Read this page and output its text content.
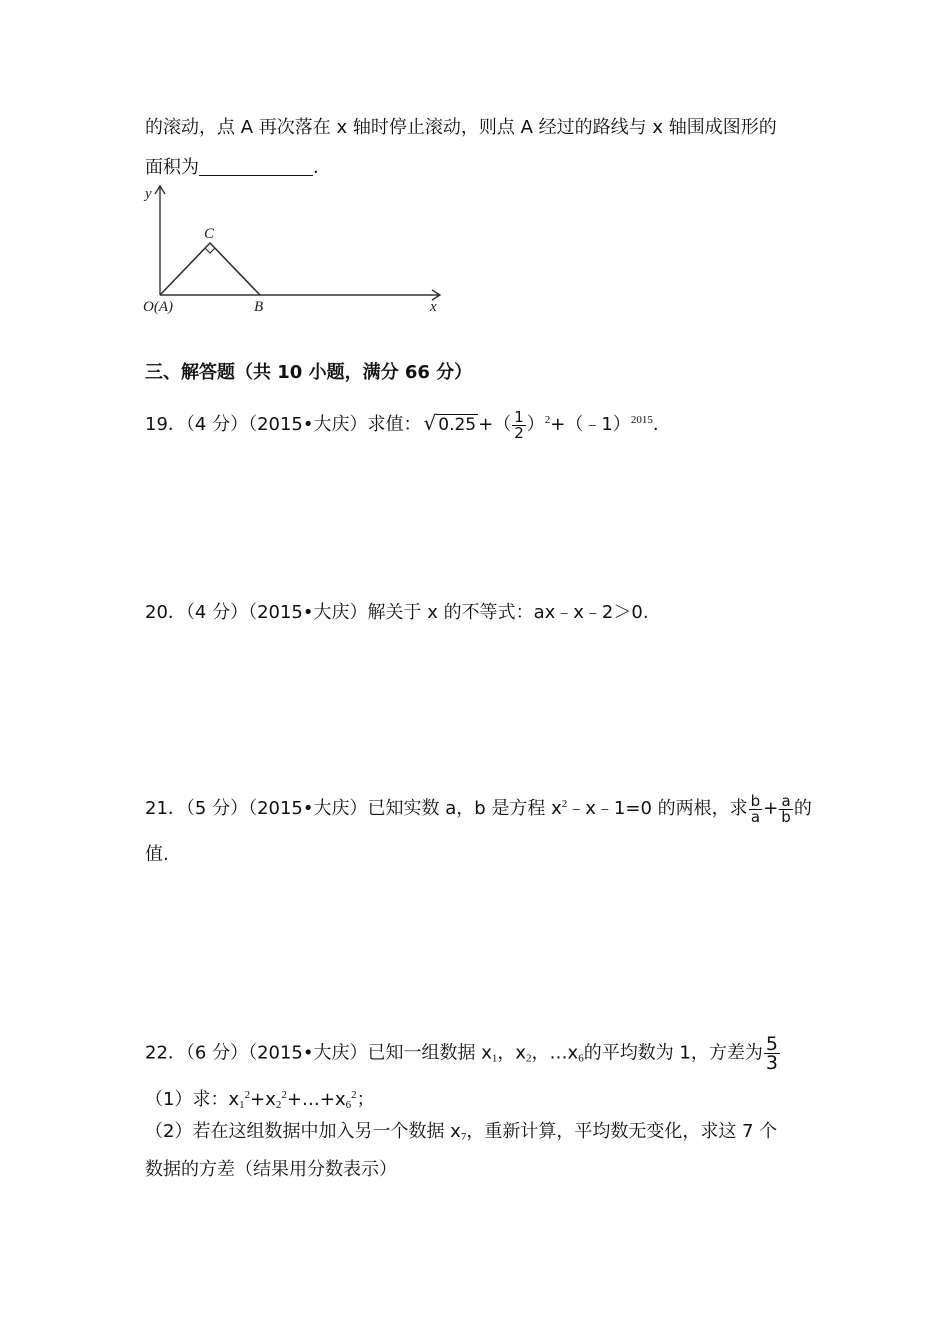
的滚动，点 A 再次落在 x 轴时停止滚动，则点 A 经过的路线与 x 轴围成图形的
面积为	.
y
x
C
O(A)	B
三、解答题（共 10 小题，满分 66 分）
19．（4 分）（2015•大庆）求值： √ 0.25 +（ $\frac{1}{2}$ ）$^2$+（﹣1）$^{2015}$.
20．（4 分）（2015•大庆）解关于 x 的不等式：ax﹣x﹣2＞0.
21．（5 分）（2015•大庆）已知实数 a，b 是方程 $x^2﹣x﹣1=0$ 的两根，求 $\frac{b}{a} + \frac{a}{b}$ 的
值.
22．（6 分）（2015•大庆）已知一组数据 $x_1$，$x_2$，$\dots x_6$的平均数为 1，方差为 $\frac{5}{3}$
（1）求：$x_1^2+x_2^2+\dots+x_6^2$；
（2）若在这组数据中加入另一个数据 $x_7$，重新计算，平均数无变化，求这 7 个
数据的方差（结果用分数表示）
